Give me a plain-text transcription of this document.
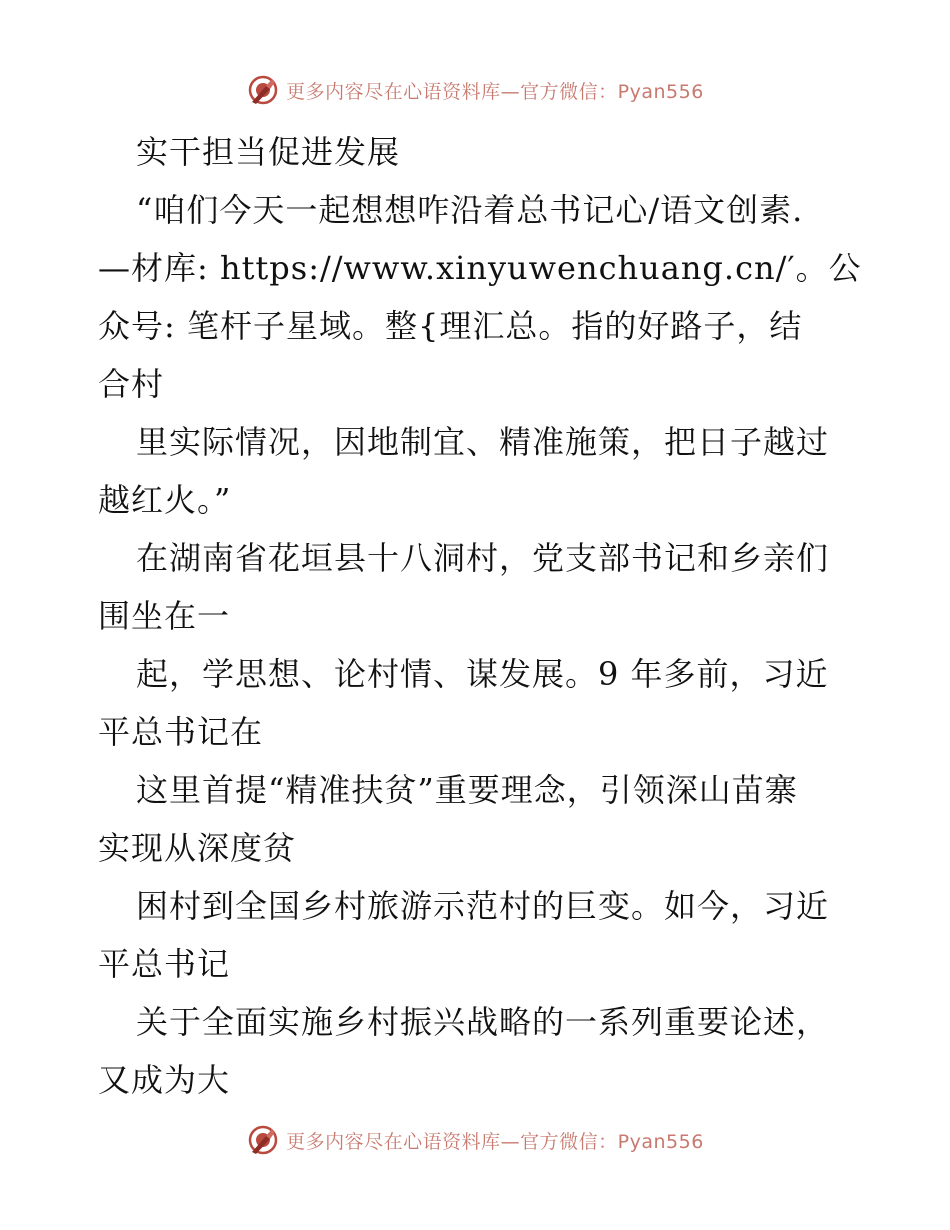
更多内容尽在心语资料库—官方微信：Pyan556
实干担当促进发展
“咱们今天一起想想咋沿着总书记心/语文创素.
—材库: https://www.xinyuwenchuang.cn/′。公
众号: 笔杆子星域。整{理汇总。指的好路子，结
合村
里实际情况，因地制宜、精准施策，把日子越过
越红火。”
在湖南省花垣县十八洞村，党支部书记和乡亲们
围坐在一
起，学思想、论村情、谋发展。9 年多前，习近
平总书记在
这里首提“精准扶贫”重要理念，引领深山苗寨
实现从深度贫
困村到全国乡村旅游示范村的巨变。如今，习近
平总书记
关于全面实施乡村振兴战略的一系列重要论述，
又成为大
更多内容尽在心语资料库—官方微信：Pyan556
